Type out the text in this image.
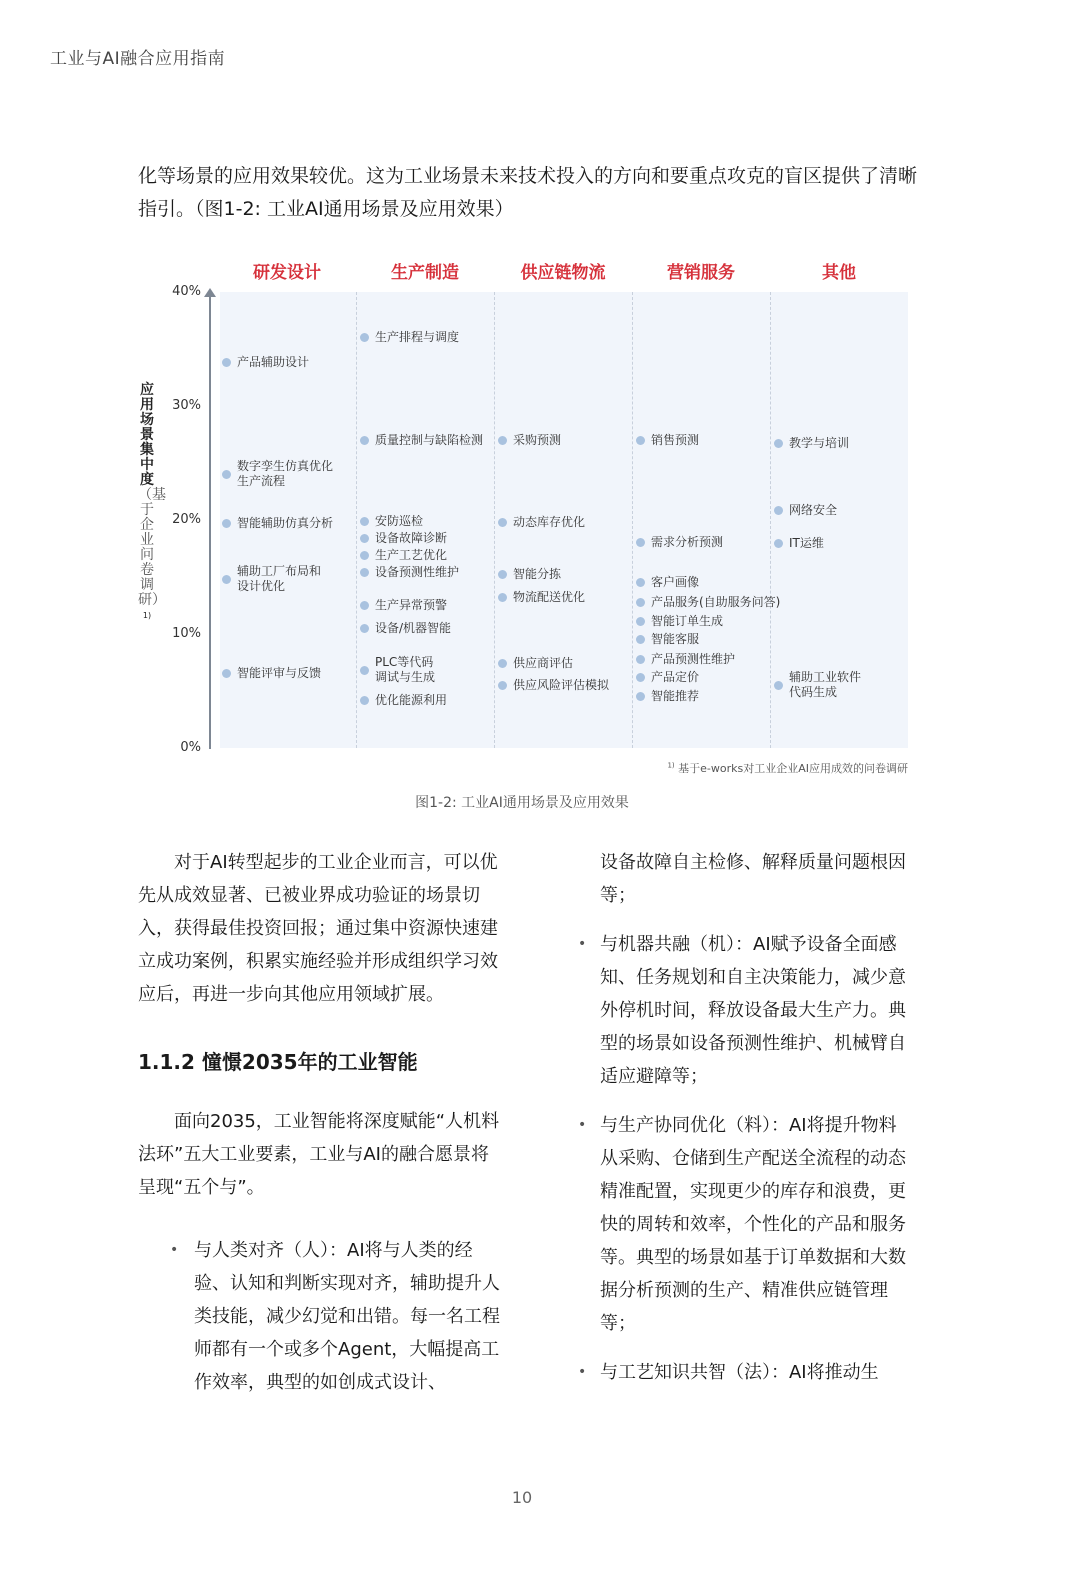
工业与AI融合应用指南

化等场景的应用效果较优。这为工业场景未来技术投入的方向和要重点攻克的盲区提供了清晰

指引。（图1-2: 工业AI通用场景及应用效果）

应用场景集中度（基于企业问卷调研）$^{1)}$
$^{1)}$ 基于e-works对工业企业AI应用成效的问卷调研
研发设计	生产制造	供应链物流	营销服务	其他
40%
30%
20%
10%
0%
产品辅助设计
数字孪生仿真优化
生产流程
智能辅助仿真分析
辅助工厂布局和
设计优化
智能评审与反馈
生产排程与调度
质量控制与缺陷检测
安防巡检
设备故障诊断
生产工艺优化
设备预测性维护
生产异常预警
设备/机器智能
PLC等代码
调试与生成
优化能源利用
采购预测
动态库存优化
智能分拣
物流配送优化
供应商评估
供应风险评估模拟
销售预测
需求分析预测
客户画像
产品服务(自助服务问答)
智能订单生成
智能客服
产品预测性维护
产品定价
智能推荐
教学与培训
网络安全
IT运维
辅助工业软件
代码生成
图1-2: 工业AI通用场景及应用效果

对于AI转型起步的工业企业而言，可以优先从成效显著、已被业界成功验证的场景切入，获得最佳投资回报；通过集中资源快速建立成功案例，积累实施经验并形成组织学习效应后，再进一步向其他应用领域扩展。

1.1.2 憧憬2035年的工业智能

面向2035，工业智能将深度赋能“人机料法环”五大工业要素，工业与AI的融合愿景将呈现“五个与”。

• 与人类对齐（人）：AI将与人类的经验、认知和判断实现对齐，辅助提升人类技能，减少幻觉和出错。每一名工程师都有一个或多个Agent，大幅提高工作效率，典型的如创成式设计、

设备故障自主检修、解释质量问题根因等；

• 与机器共融（机）：AI赋予设备全面感知、任务规划和自主决策能力，减少意外停机时间，释放设备最大生产力。典型的场景如设备预测性维护、机械臂自适应避障等；

• 与生产协同优化（料）：AI将提升物料从采购、仓储到生产配送全流程的动态精准配置，实现更少的库存和浪费，更快的周转和效率，个性化的产品和服务等。典型的场景如基于订单数据和大数据分析预测的生产、精准供应链管理等；

• 与工艺知识共智（法）：AI将推动生

10
